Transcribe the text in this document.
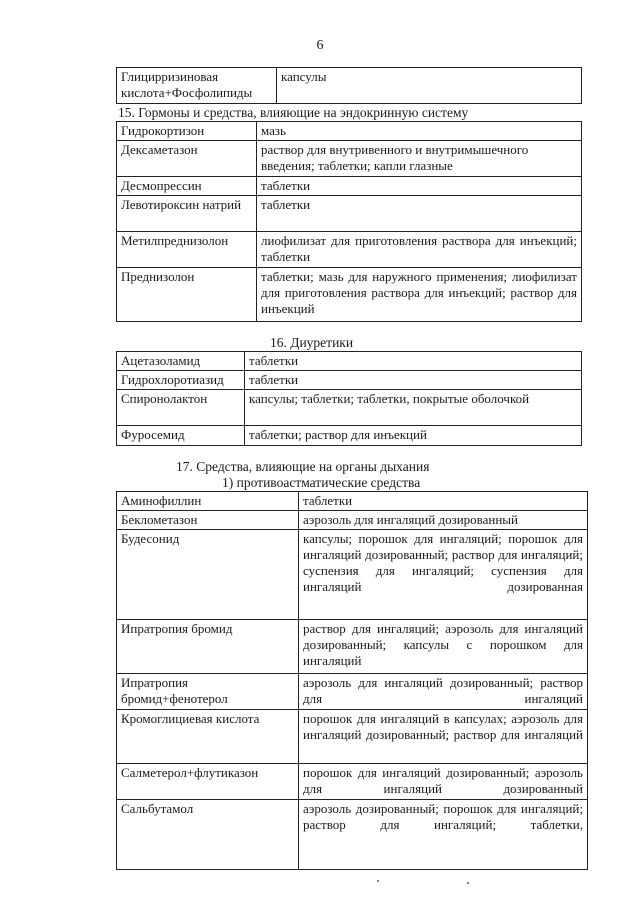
6
Глицирризиновая кислота+Фосфолипиды	капсулы
15. Гормоны и средства, влияющие на эндокринную систему
Гидрокортизон	мазь
Дексаметазон	раствор для внутривенного и внутримышечного введения; таблетки; капли глазные
Десмопрессин	таблетки
Левотироксин натрий	таблетки
Метилпреднизолон	лиофилизат для приготовления раствора для инъекций; таблетки
Преднизолон	таблетки; мазь для наружного применения; лиофилизат для приготовления раствора для инъекций; раствор для инъекций
16. Диуретики
Ацетазоламид	таблетки
Гидрохлоротиазид	таблетки
Спиронолактон	капсулы; таблетки; таблетки, покрытые оболочкой
Фуросемид	таблетки; раствор для инъекций
17. Средства, влияющие на органы дыхания
1) противоастматические средства
Аминофиллин	таблетки
Беклометазон	аэрозоль для ингаляций дозированный
Будесонид	капсулы; порошок для ингаляций; порошок для ингаляций дозированный; раствор для ингаляций; суспензия для ингаляций; суспензия для ингаляций дозированная
Ипратропия бромид	раствор для ингаляций; аэрозоль для ингаляций дозированный; капсулы с порошком для ингаляций
Ипратропия бромид+фенотерол	аэрозоль для ингаляций дозированный; раствор для ингаляций
Кромоглициевая кислота	порошок для ингаляций в капсулах; аэрозоль для ингаляций дозированный; раствор для ингаляций
Салметерол+флутиказон	порошок для ингаляций дозированный; аэрозоль для ингаляций дозированный
Сальбутамол	аэрозоль дозированный; порошок для ингаляций; раствор для ингаляций; таблетки,
